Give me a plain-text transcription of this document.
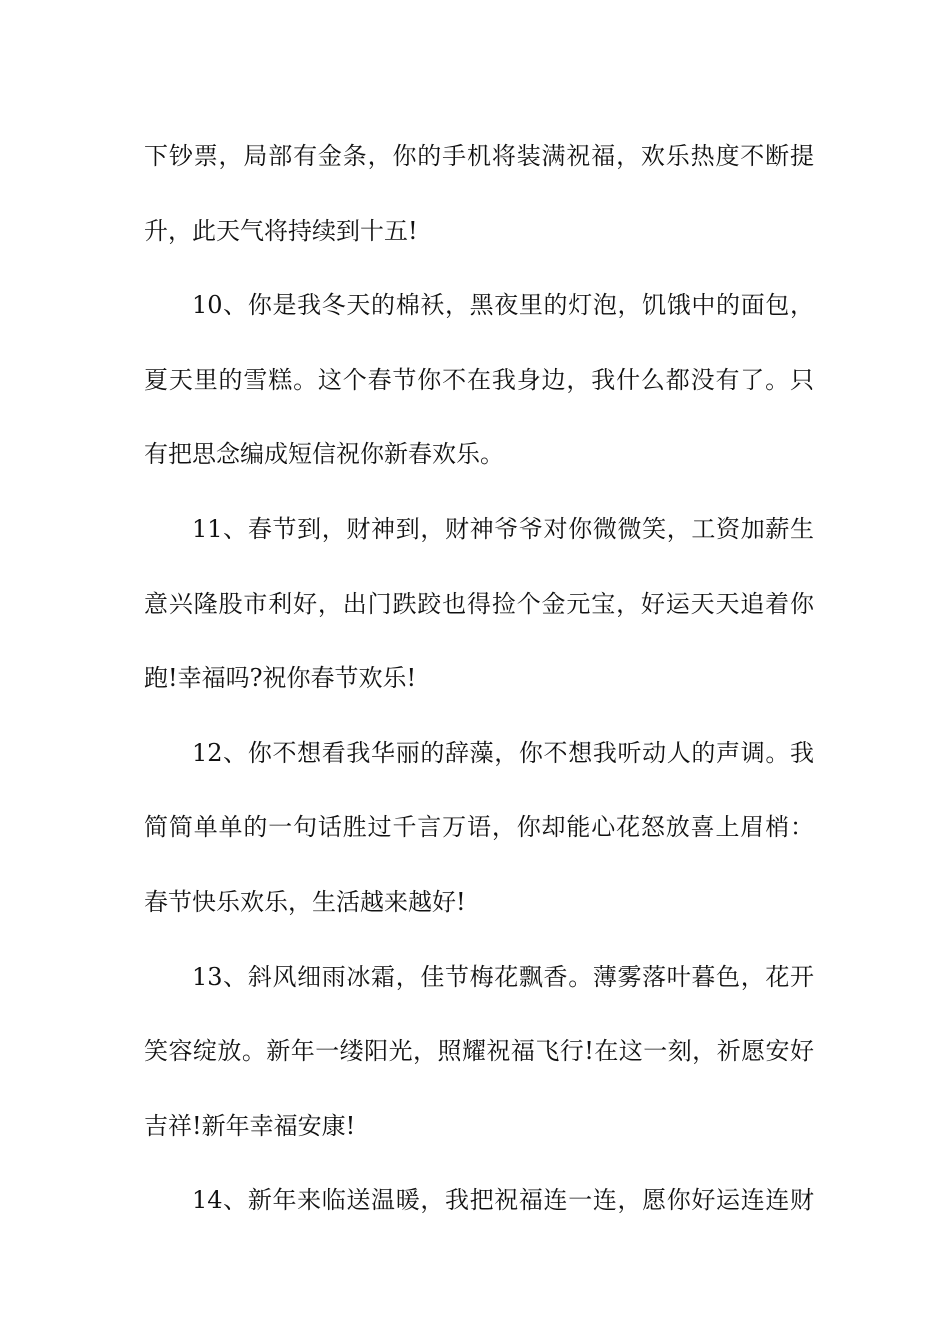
下钞票，局部有金条，你的手机将装满祝福，欢乐热度不断提
升，此天气将持续到十五!
10、你是我冬天的棉袄，黑夜里的灯泡，饥饿中的面包，
夏天里的雪糕。这个春节你不在我身边，我什么都没有了。只
有把思念编成短信祝你新春欢乐。
11、春节到，财神到，财神爷爷对你微微笑，工资加薪生
意兴隆股市利好，出门跌跤也得捡个金元宝，好运天天追着你
跑!幸福吗?祝你春节欢乐!
12、你不想看我华丽的辞藻，你不想我听动人的声调。我
简简单单的一句话胜过千言万语，你却能心花怒放喜上眉梢：
春节快乐欢乐，生活越来越好!
13、斜风细雨冰霜，佳节梅花飘香。薄雾落叶暮色，花开
笑容绽放。新年一缕阳光，照耀祝福飞行!在这一刻，祈愿安好
吉祥!新年幸福安康!
14、新年来临送温暖，我把祝福连一连，愿你好运连连财
